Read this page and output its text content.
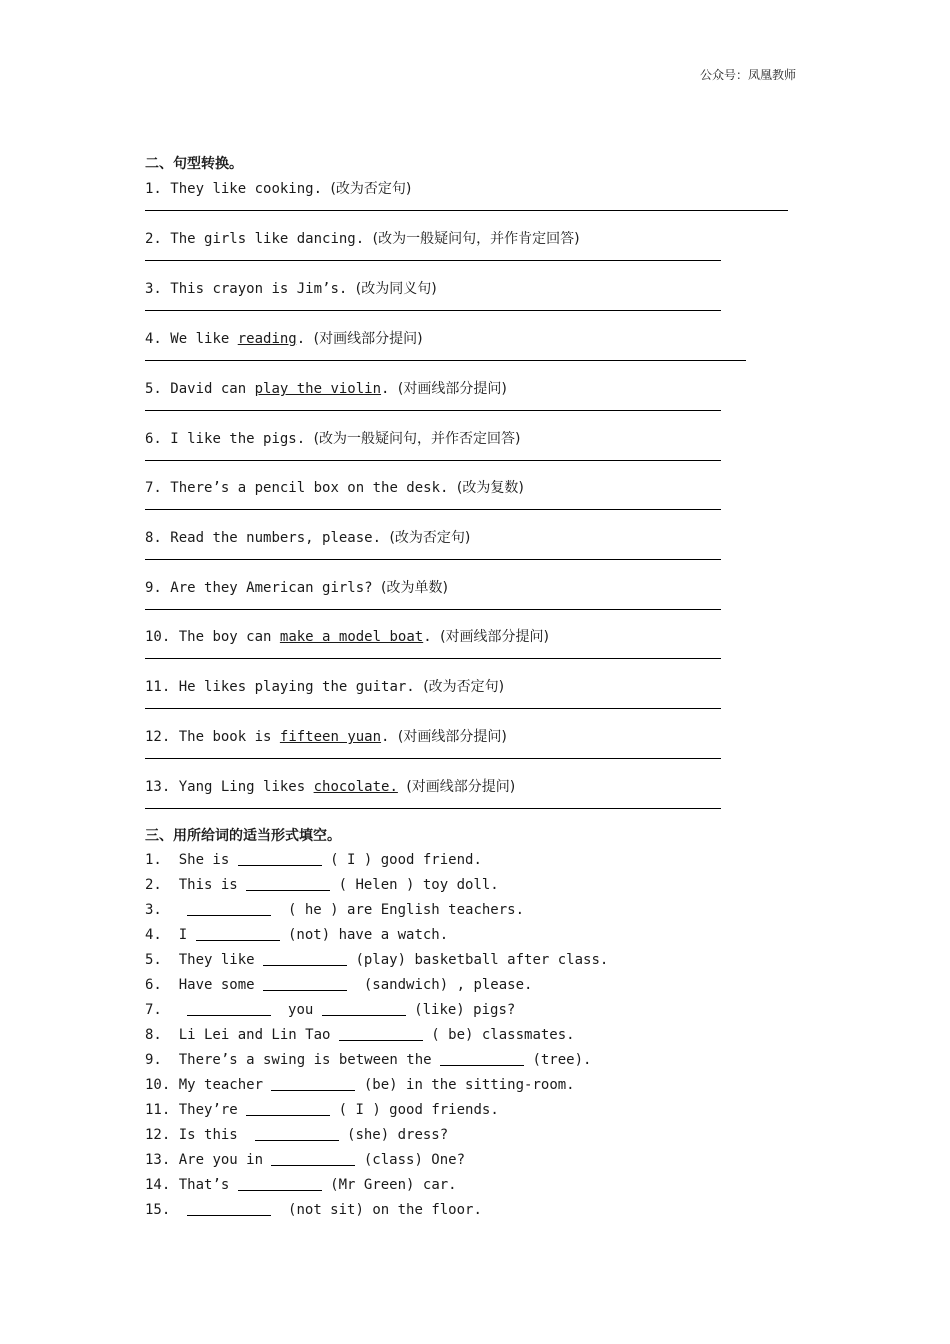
公众号：凤凰教师
二、句型转换。
1. They like cooking. (改为否定句)
2. The girls like dancing. (改为一般疑问句，并作肯定回答)
3. This crayon is Jim’s. (改为同义句)
4. We like reading. (对画线部分提问)
5. David can play the violin. (对画线部分提问)
6. I like the pigs. (改为一般疑问句，并作否定回答)
7. There’s a pencil box on the desk. (改为复数)
8. Read the numbers, please. (改为否定句)
9. Are they American girls? (改为单数)
10. The boy can make a model boat. (对画线部分提问)
11. He likes playing the guitar. (改为否定句)
12. The book is fifteen yuan. (对画线部分提问)
13. Yang Ling likes chocolate. (对画线部分提问)
三、用所给词的适当形式填空。
1. She is	( I ) good friend.
2. This is	( Helen ) toy doll.
3.	( he ) are English teachers.
4. I	(not) have a watch.
5. They like	(play) basketball after class.
6. Have some	(sandwich) , please.
7.	you	(like) pigs?
8. Li Lei and Lin Tao	( be) classmates.
9. There’s a swing is between the	(tree).
10. My teacher	(be) in the sitting-room.
11. They’re	( I ) good friends.
12. Is this	(she) dress?
13. Are you in	(class) One?
14. That’s	(Mr Green) car.
15.	(not sit) on the floor.
